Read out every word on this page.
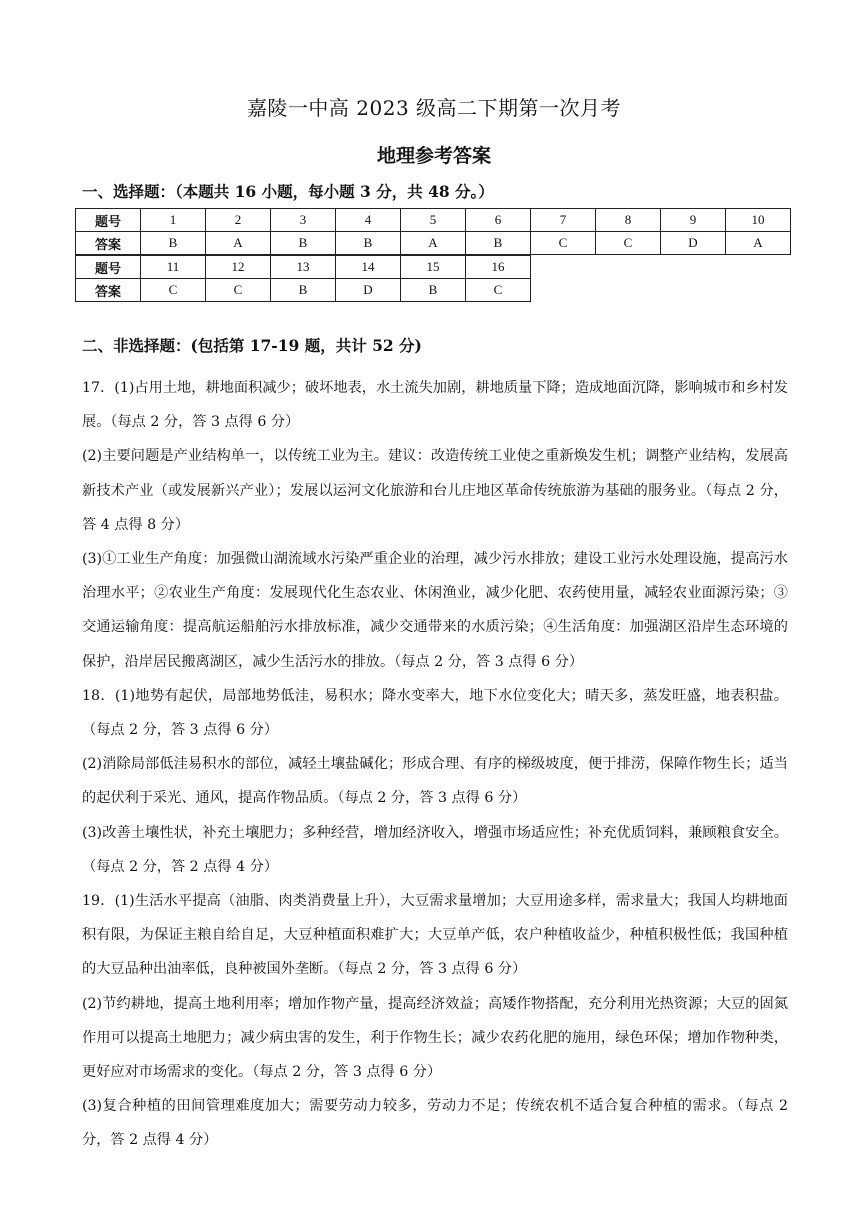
嘉陵一中高 2023 级高二下期第一次月考
地理参考答案
一、选择题：（本题共 16 小题，每小题 3 分，共 48 分。）
题号	1	2	3	4	5	6	7	8	9	10
答案	B	A	B	B	A	B	C	C	D	A
题号	11	12	13	14	15	16
答案	C	C	B	D	B	C
二、非选择题：(包括第 17-19 题，共计 52 分)

17．(1)占用土地，耕地面积减少；破坏地表，水土流失加剧，耕地质量下降；造成地面沉降，影响城市和乡村发展。（每点 2 分，答 3 点得 6 分）

(2)主要问题是产业结构单一，以传统工业为主。建议：改造传统工业使之重新焕发生机；调整产业结构，发展高新技术产业（或发展新兴产业）；发展以运河文化旅游和台儿庄地区革命传统旅游为基础的服务业。（每点 2 分，答 4 点得 8 分）

(3)①工业生产角度：加强微山湖流域水污染严重企业的治理，减少污水排放；建设工业污水处理设施，提高污水治理水平；②农业生产角度：发展现代化生态农业、休闲渔业，减少化肥、农药使用量，减轻农业面源污染；③交通运输角度：提高航运船舶污水排放标准，减少交通带来的水质污染；④生活角度：加强湖区沿岸生态环境的保护，沿岸居民搬离湖区，减少生活污水的排放。（每点 2 分，答 3 点得 6 分）

18．(1)地势有起伏，局部地势低洼，易积水；降水变率大，地下水位变化大；晴天多，蒸发旺盛，地表积盐。（每点 2 分，答 3 点得 6 分）

(2)消除局部低洼易积水的部位，减轻土壤盐碱化；形成合理、有序的梯级坡度，便于排涝，保障作物生长；适当的起伏利于采光、通风，提高作物品质。（每点 2 分，答 3 点得 6 分）

(3)改善土壤性状，补充土壤肥力；多种经营，增加经济收入，增强市场适应性；补充优质饲料，兼顾粮食安全。（每点 2 分，答 2 点得 4 分）

19．(1)生活水平提高（油脂、肉类消费量上升），大豆需求量增加；大豆用途多样，需求量大；我国人均耕地面积有限，为保证主粮自给自足，大豆种植面积难扩大；大豆单产低，农户种植收益少，种植积极性低；我国种植的大豆品种出油率低，良种被国外垄断。（每点 2 分，答 3 点得 6 分）

(2)节约耕地，提高土地利用率；增加作物产量，提高经济效益；高矮作物搭配，充分利用光热资源；大豆的固氮作用可以提高土地肥力；减少病虫害的发生，利于作物生长；减少农药化肥的施用，绿色环保；增加作物种类，更好应对市场需求的变化。（每点 2 分，答 3 点得 6 分）

(3)复合种植的田间管理难度加大；需要劳动力较多，劳动力不足；传统农机不适合复合种植的需求。（每点 2 分，答 2 点得 4 分）
